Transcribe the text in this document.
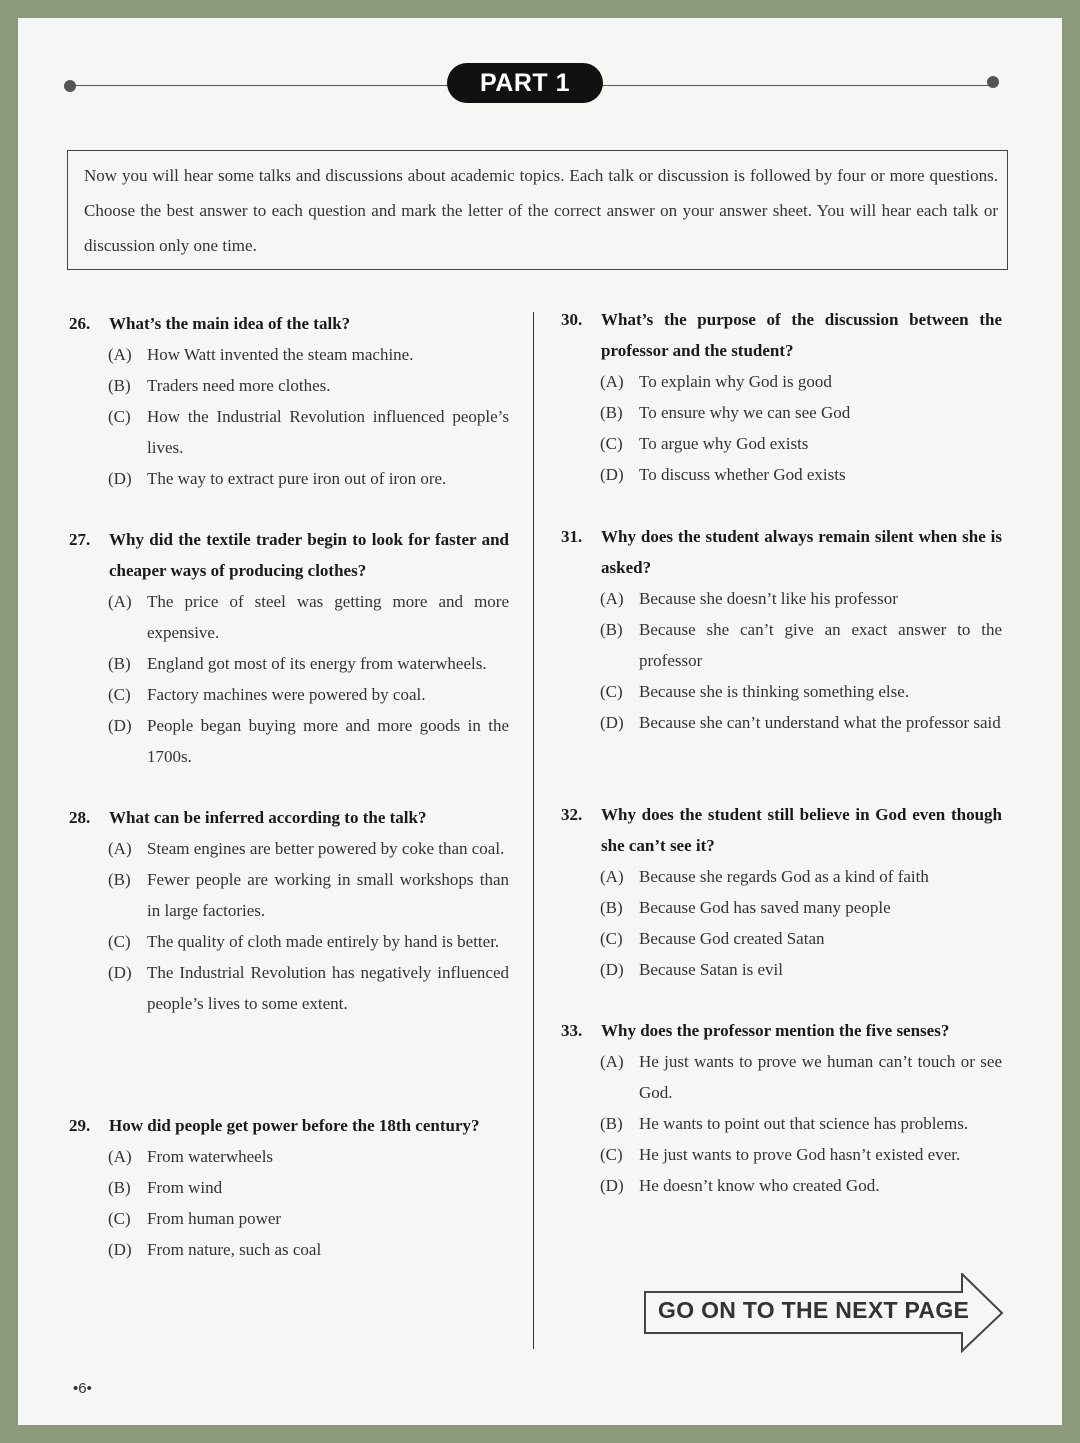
PART 1
Now you will hear some talks and discussions about academic topics. Each talk or discussion is followed by four or more questions. Choose the best answer to each question and mark the letter of the correct answer on your answer sheet. You will hear each talk or discussion only one time.
26. What’s the main idea of the talk?
(A) How Watt invented the steam machine.
(B) Traders need more clothes.
(C) How the Industrial Revolution influenced people’s lives.
(D) The way to extract pure iron out of iron ore.
27. Why did the textile trader begin to look for faster and cheaper ways of producing clothes?
(A) The price of steel was getting more and more expensive.
(B) England got most of its energy from waterwheels.
(C) Factory machines were powered by coal.
(D) People began buying more and more goods in the 1700s.
28. What can be inferred according to the talk?
(A) Steam engines are better powered by coke than coal.
(B) Fewer people are working in small workshops than in large factories.
(C) The quality of cloth made entirely by hand is better.
(D) The Industrial Revolution has negatively influenced people’s lives to some extent.
29. How did people get power before the 18th century?
(A) From waterwheels
(B) From wind
(C) From human power
(D) From nature, such as coal
30. What’s the purpose of the discussion between the professor and the student?
(A) To explain why God is good
(B) To ensure why we can see God
(C) To argue why God exists
(D) To discuss whether God exists
31. Why does the student always remain silent when she is asked?
(A) Because she doesn’t like his professor
(B) Because she can’t give an exact answer to the professor
(C) Because she is thinking something else.
(D) Because she can’t understand what the professor said
32. Why does the student still believe in God even though she can’t see it?
(A) Because she regards God as a kind of faith
(B) Because God has saved many people
(C) Because God created Satan
(D) Because Satan is evil
33. Why does the professor mention the five senses?
(A) He just wants to prove we human can’t touch or see God.
(B) He wants to point out that science has problems.
(C) He just wants to prove God hasn’t existed ever.
(D) He doesn’t know who created God.
GO ON TO THE NEXT PAGE
•6•
